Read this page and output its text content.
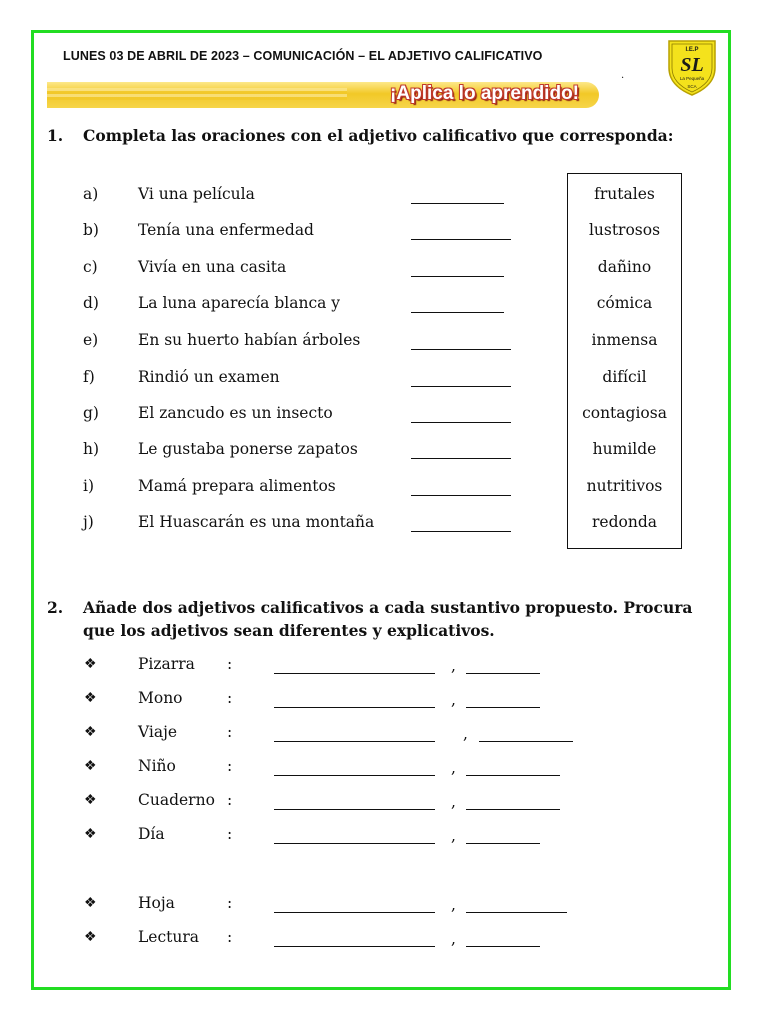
LUNES 03 DE ABRIL DE 2023 – COMUNICACIÓN – EL ADJETIVO CALIFICATIVO
¡Aplica lo aprendido!
.
I.E.P
SL
La Pequeña
SCA
1. Completa las oraciones con el adjetivo calificativo que corresponda:
a)	Vi una película
b)	Tenía una enfermedad
c)	Vivía en una casita
d)	La luna aparecía blanca y
e)	En su huerto habían árboles
f)	Rindió un examen
g)	El zancudo es un insecto
h)	Le gustaba ponerse zapatos
i)	Mamá prepara alimentos
j)	El Huascarán es una montaña
frutales
lustrosos
dañino
cómica
inmensa
difícil
contagiosa
humilde
nutritivos
redonda
2. Añade dos adjetivos calificativos a cada sustantivo propuesto. Procura que los adjetivos sean diferentes y explicativos.
❖	Pizarra :	,
❖	Mono	:	,
❖	Viaje	:	,
❖	Niño	:	,
❖	Cuaderno :	,
❖	Día	:	,
❖	Hoja	:	,
❖	Lectura :	,
